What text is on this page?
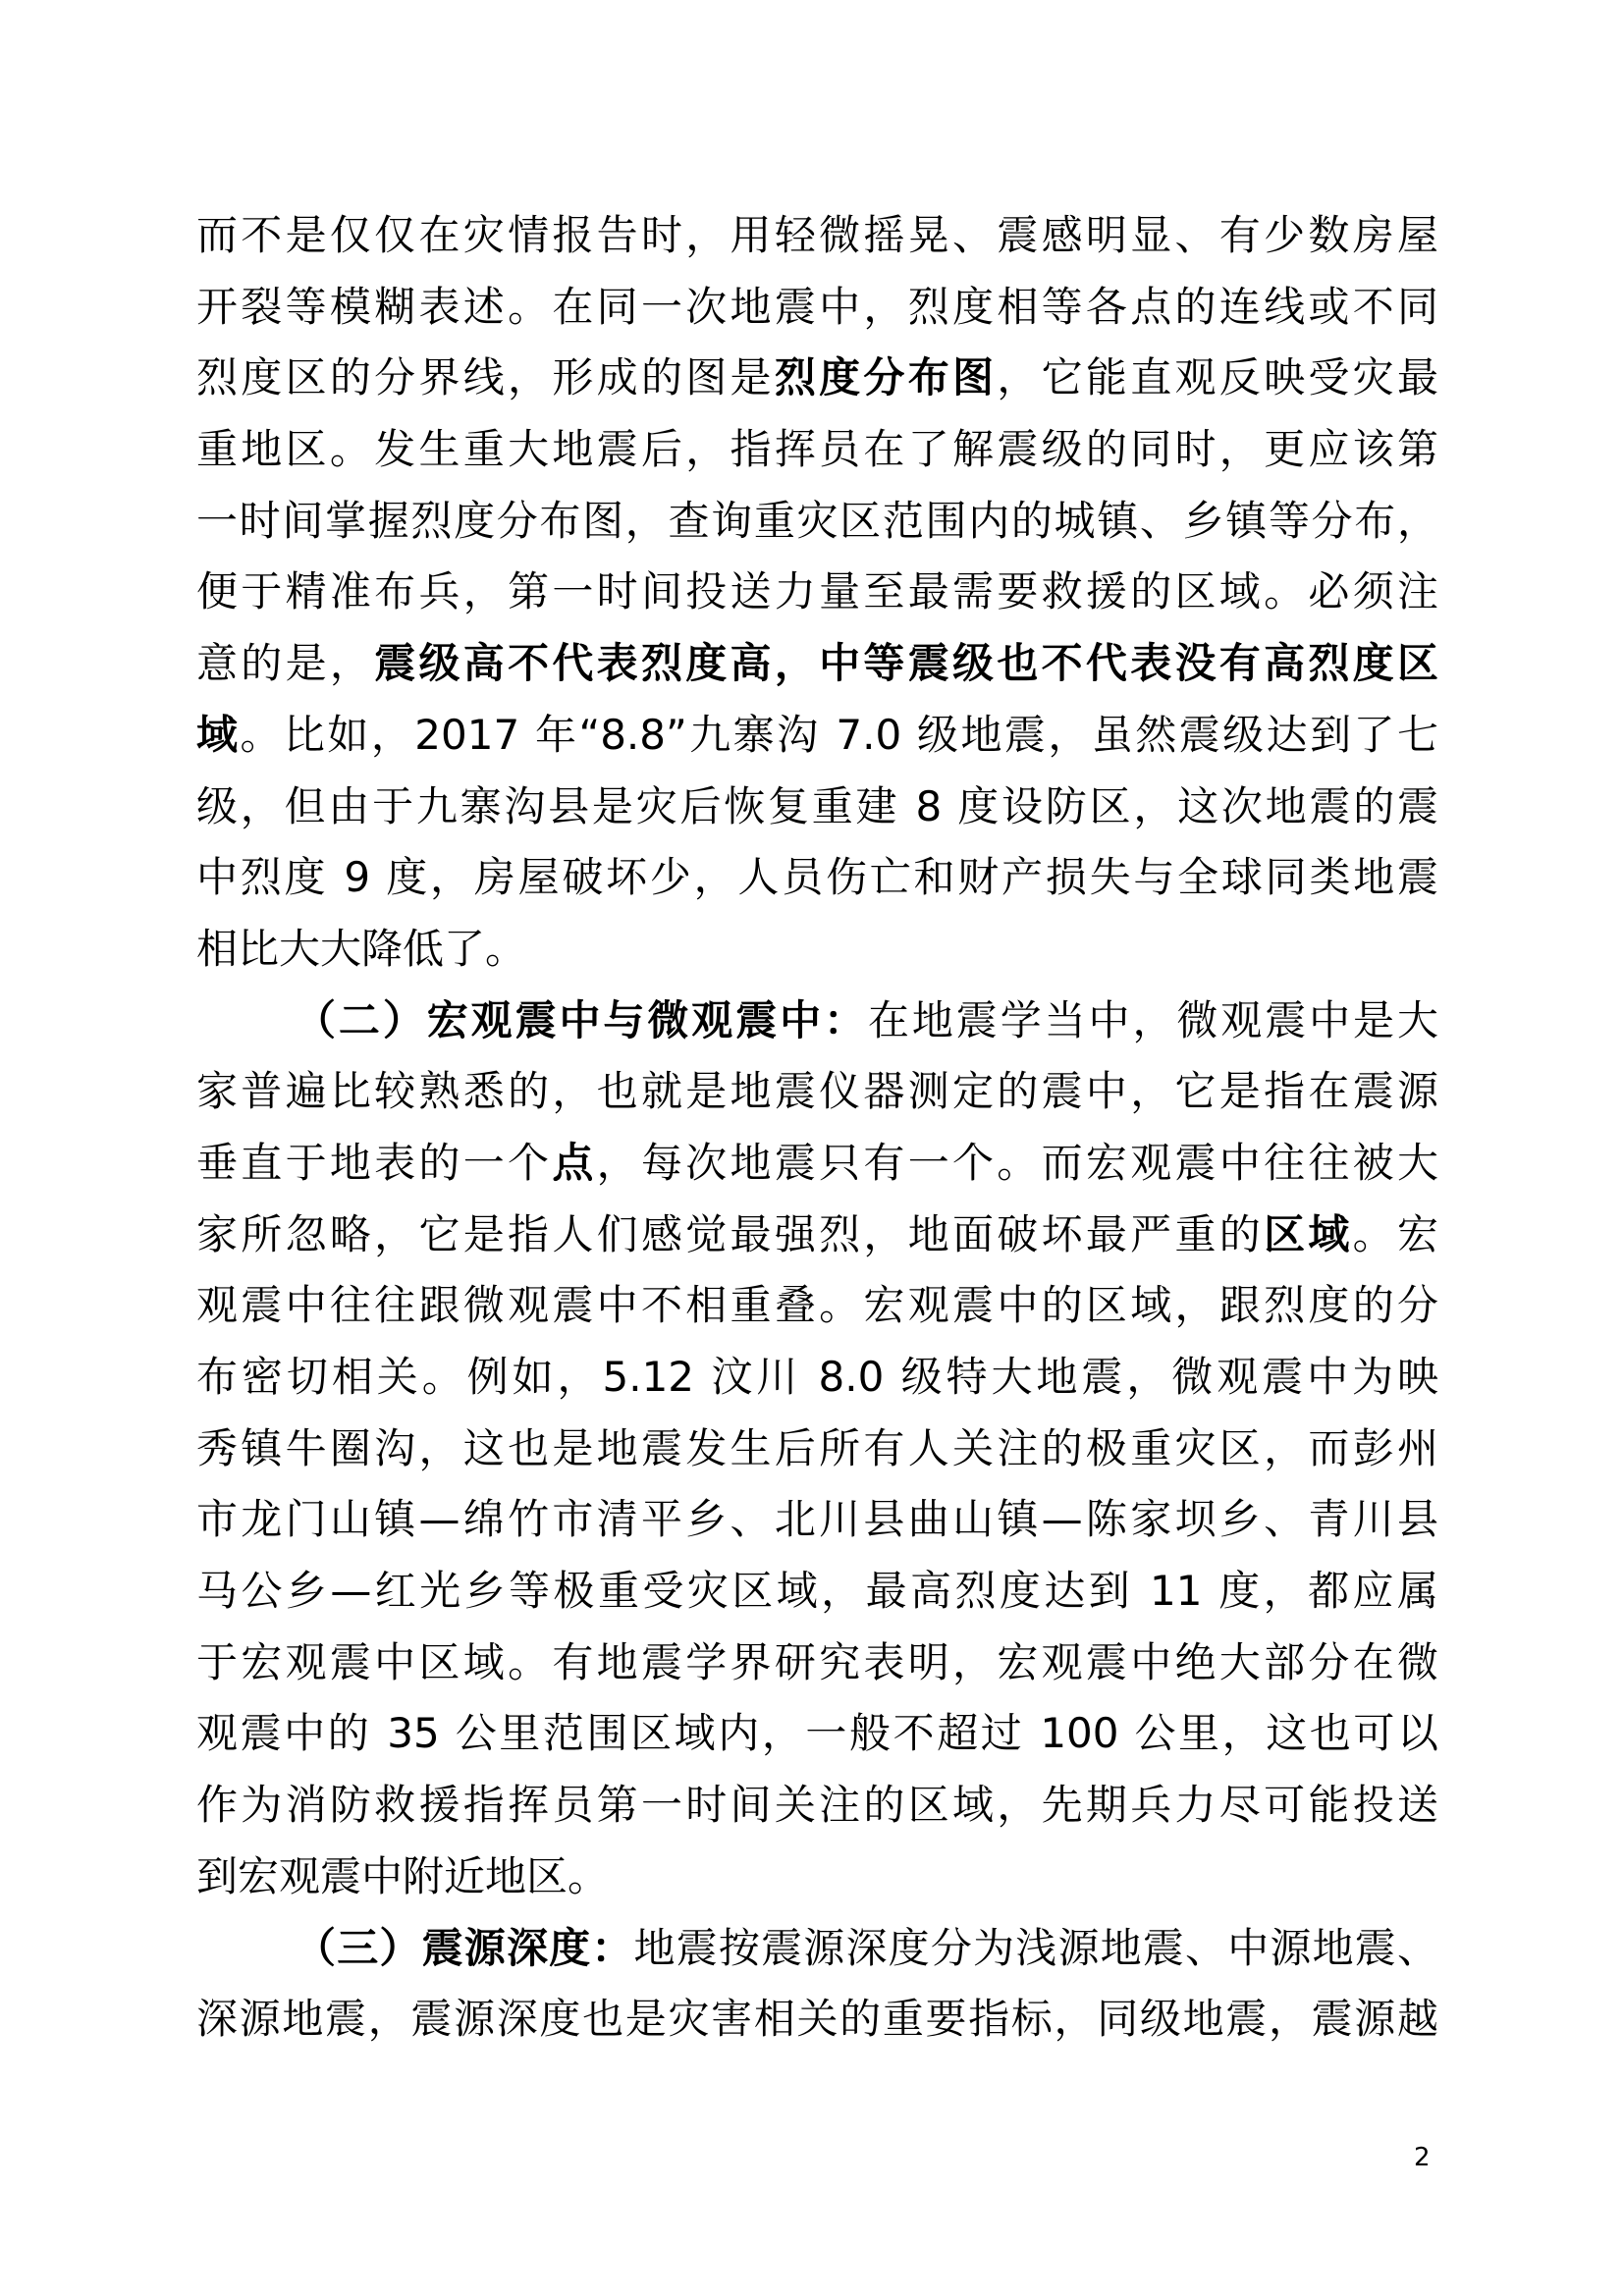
而不是仅仅在灾情报告时，用轻微摇晃、震感明显、有少数房屋
开裂等模糊表述。在同一次地震中，烈度相等各点的连线或不同
烈度区的分界线，形成的图是烈度分布图，它能直观反映受灾最
重地区。发生重大地震后，指挥员在了解震级的同时，更应该第
一时间掌握烈度分布图，查询重灾区范围内的城镇、乡镇等分布，
便于精准布兵，第一时间投送力量至最需要救援的区域。必须注
意的是，震级高不代表烈度高，中等震级也不代表没有高烈度区
域。比如，2017 年“8.8”九寨沟 7.0 级地震，虽然震级达到了七
级，但由于九寨沟县是灾后恢复重建 8 度设防区，这次地震的震
中烈度 9 度，房屋破坏少，人员伤亡和财产损失与全球同类地震
相比大大降低了。
（二）宏观震中与微观震中：在地震学当中，微观震中是大
家普遍比较熟悉的，也就是地震仪器测定的震中，它是指在震源
垂直于地表的一个点，每次地震只有一个。而宏观震中往往被大
家所忽略，它是指人们感觉最强烈，地面破坏最严重的区域。宏
观震中往往跟微观震中不相重叠。宏观震中的区域，跟烈度的分
布密切相关。例如，5.12 汶川 8.0 级特大地震，微观震中为映
秀镇牛圈沟，这也是地震发生后所有人关注的极重灾区，而彭州
市龙门山镇—绵竹市清平乡、北川县曲山镇—陈家坝乡、青川县
马公乡—红光乡等极重受灾区域，最高烈度达到 11 度，都应属
于宏观震中区域。有地震学界研究表明，宏观震中绝大部分在微
观震中的 35 公里范围区域内，一般不超过 100 公里，这也可以
作为消防救援指挥员第一时间关注的区域，先期兵力尽可能投送
到宏观震中附近地区。
（三）震源深度：地震按震源深度分为浅源地震、中源地震、
深源地震，震源深度也是灾害相关的重要指标，同级地震，震源越
2
